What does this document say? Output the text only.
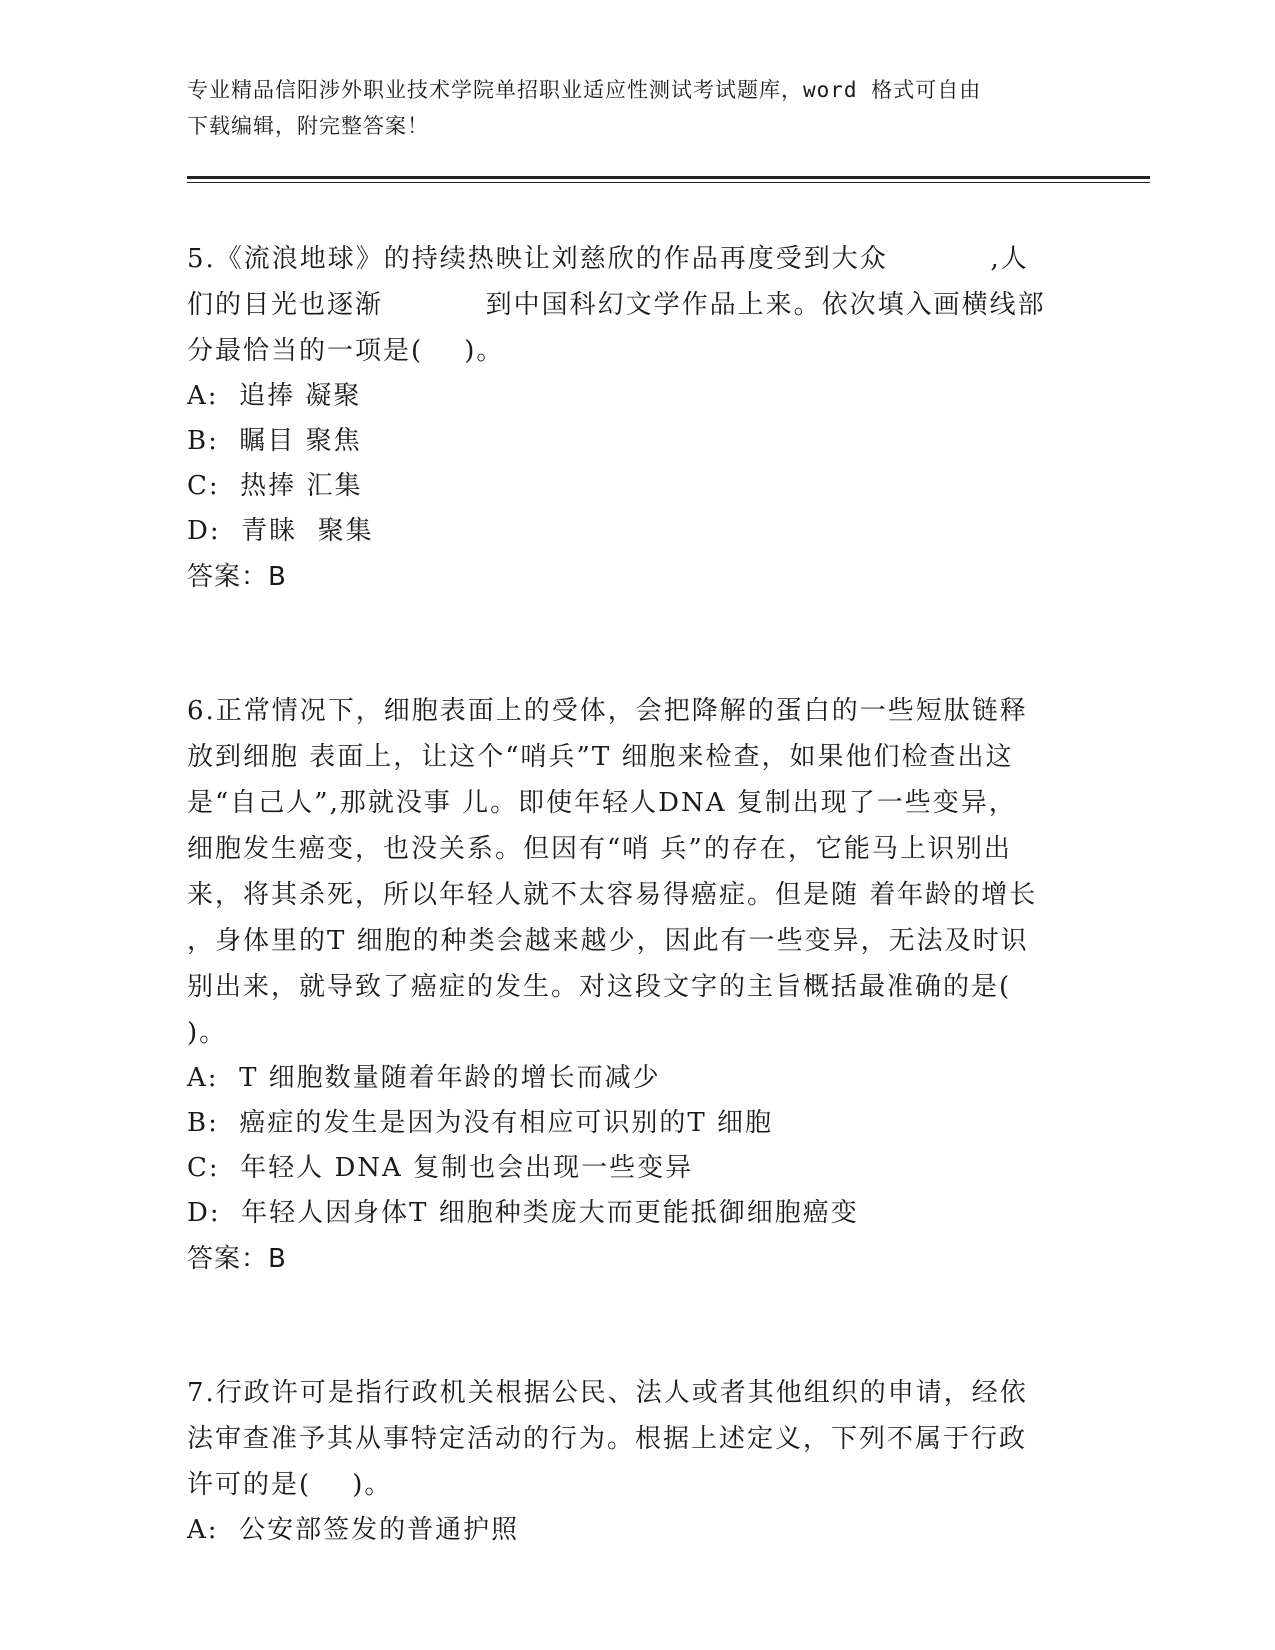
专业精品信阳涉外职业技术学院单招职业适应性测试考试题库，word 格式可自由
下载编辑，附完整答案！
5.《流浪地球》的持续热映让刘慈欣的作品再度受到大众          ,人
们的目光也逐渐          到中国科幻文学作品上来。依次填入画横线部
分最恰当的一项是(    )。
A:  追捧 凝聚
B:  瞩目 聚焦
C:  热捧 汇集
D:  青睐  聚集
答案：B
6.正常情况下，细胞表面上的受体，会把降解的蛋白的一些短肽链释
放到细胞 表面上，让这个“哨兵”T 细胞来检查，如果他们检查出这
是“自己人”,那就没事 儿。即使年轻人DNA 复制出现了一些变异，
细胞发生癌变，也没关系。但因有“哨 兵”的存在，它能马上识别出
来，将其杀死，所以年轻人就不太容易得癌症。但是随 着年龄的增长
，身体里的T 细胞的种类会越来越少，因此有一些变异，无法及时识
别出来，就导致了癌症的发生。对这段文字的主旨概括最准确的是(
)。
A:  T 细胞数量随着年龄的增长而减少
B:  癌症的发生是因为没有相应可识别的T 细胞
C:  年轻人 DNA 复制也会出现一些变异
D:  年轻人因身体T 细胞种类庞大而更能抵御细胞癌变
答案：B
7.行政许可是指行政机关根据公民、法人或者其他组织的申请，经依
法审查准予其从事特定活动的行为。根据上述定义，下列不属于行政
许可的是(    )。
A:  公安部签发的普通护照
